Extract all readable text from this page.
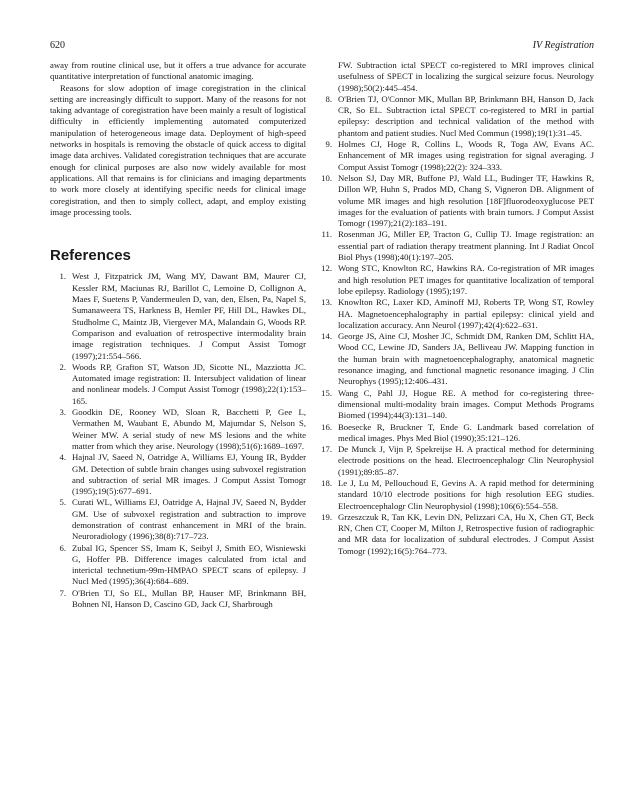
620	IV Registration

away from routine clinical use, but it offers a true advance for accurate quantitative interpretation of functional anatomic imaging.

Reasons for slow adoption of image coregistration in the clinical setting are increasingly difficult to support. Many of the reasons for not taking advantage of coregistration have been mainly a result of logistical difficulty in efficiently implementing automated computerized manipulation of heterogeneous image data. Deployment of high-speed networks in hospitals is removing the obstacle of quick access to digital image data archives. Validated coregistration techniques that are accurate enough for clinical purposes are also now widely available for most applications. All that remains is for clinicians and imaging departments to work more closely at identifying specific needs for clinical image coregistration, and then to simply collect, adapt, and employ existing image processing tools.

References
1. West J, Fitzpatrick JM, Wang MY, Dawant BM, Maurer CJ, Kessler RM, Maciunas RJ, Barillot C, Lemoine D, Collignon A, Maes F, Suetens P, Vandermeulen D, van, den, Elsen, Pa, Napel S, Sumanaweera TS, Harkness B, Hemler PF, Hill DL, Hawkes DL, Studholme C, Maintz JB, Viergever MA, Malandain G, Woods RP. Comparison and evaluation of retrospective intermodality brain image registration techniques. J Comput Assist Tomogr (1997);21:554–566.
2. Woods RP, Grafton ST, Watson JD, Sicotte NL, Mazziotta JC. Automated image registration: II. Intersubject validation of linear and nonlinear models. J Comput Assist Tomogr (1998);22(1):153–165.
3. Goodkin DE, Rooney WD, Sloan R, Bacchetti P, Gee L, Vermathen M, Waubant E, Abundo M, Majumdar S, Nelson S, Weiner MW. A serial study of new MS lesions and the white matter from which they arise. Neurology (1998);51(6):1689–1697.
4. Hajnal JV, Saeed N, Oatridge A, Williams EJ, Young IR, Bydder GM. Detection of subtle brain changes using subvoxel registration and subtraction of serial MR images. J Comput Assist Tomogr (1995);19(5):677–691.
5. Curati WL, Williams EJ, Oatridge A, Hajnal JV, Saeed N, Bydder GM. Use of subvoxel registration and subtraction to improve demonstration of contrast enhancement in MRI of the brain. Neuroradiology (1996);38(8):717–723.
6. Zubal IG, Spencer SS, Imam K, Seibyl J, Smith EO, Wisniewski G, Hoffer PB. Difference images calculated from ictal and interictal technetium-99m-HMPAO SPECT scans of epilepsy. J Nucl Med (1995);36(4):684–689.
7. O'Brien TJ, So EL, Mullan BP, Hauser MF, Brinkmann BH, Bohnen NI, Hanson D, Cascino GD, Jack CJ, Sharbrough
FW. Subtraction ictal SPECT co-registered to MRI improves clinical usefulness of SPECT in localizing the surgical seizure focus. Neurology (1998);50(2):445–454.
8. O'Brien TJ, O'Connor MK, Mullan BP, Brinkmann BH, Hanson D, Jack CR, So EL. Subtraction ictal SPECT co-registered to MRI in partial epilepsy: description and technical validation of the method with phantom and patient studies. Nucl Med Commun (1998);19(1):31–45.
9. Holmes CJ, Hoge R, Collins L, Woods R, Toga AW, Evans AC. Enhancement of MR images using registration for signal averaging. J Comput Assist Tomogr (1998);22(2): 324–333.
10. Nelson SJ, Day MR, Buffone PJ, Wald LL, Budinger TF, Hawkins R, Dillon WP, Huhn S, Prados MD, Chang S, Vigneron DB. Alignment of volume MR images and high resolution [18F]fluorodeoxyglucose PET images for the evaluation of patients with brain tumors. J Comput Assist Tomogr (1997);21(2):183–191.
11. Rosenman JG, Miller EP, Tracton G, Cullip TJ. Image registration: an essential part of radiation therapy treatment planning. Int J Radiat Oncol Biol Phys (1998);40(1):197–205.
12. Wong STC, Knowlton RC, Hawkins RA. Co-registration of MR images and high resolution PET images for quantitative localization of temporal lobe epilepsy. Radiology (1995);197.
13. Knowlton RC, Laxer KD, Aminoff MJ, Roberts TP, Wong ST, Rowley HA. Magnetoencephalography in partial epilepsy: clinical yield and localization accuracy. Ann Neurol (1997);42(4):622–631.
14. George JS, Aine CJ, Mosher JC, Schmidt DM, Ranken DM, Schlitt HA, Wood CC, Lewine JD, Sanders JA, Belliveau JW. Mapping function in the human brain with magnetoencephalography, anatomical magnetic resonance imaging, and functional magnetic resonance imaging. J Clin Neurophys (1995);12:406–431.
15. Wang C, Pahl JJ, Hogue RE. A method for co-registering three-dimensional multi-modality brain images. Comput Methods Programs Biomed (1994);44(3):131–140.
16. Boesecke R, Bruckner T, Ende G. Landmark based correlation of medical images. Phys Med Biol (1990);35:121–126.
17. De Munck J, Vijn P, Spekreijse H. A practical method for determining electrode positions on the head. Electroencephalogr Clin Neurophysiol (1991);89:85–87.
18. Le J, Lu M, Pellouchoud E, Gevins A. A rapid method for determining standard 10/10 electrode positions for high resolution EEG studies. Electroencephalogr Clin Neurophysiol (1998);106(6):554–558.
19. Grzeszczuk R, Tan KK, Levin DN, Pelizzari CA, Hu X, Chen GT, Beck RN, Chen CT, Cooper M, Milton J, Retrospective fusion of radiographic and MR data for localization of subdural electrodes. J Comput Assist Tomogr (1992);16(5):764–773.
